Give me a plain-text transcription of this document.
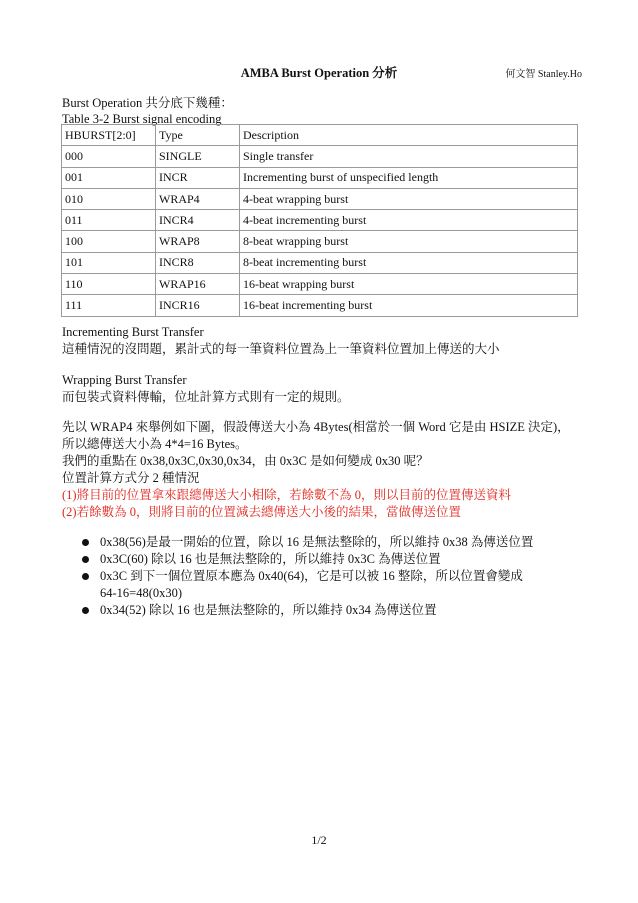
AMBA Burst Operation 分析	何文智 Stanley.Ho
Burst Operation 共分底下幾種：
Table 3-2 Burst signal encoding
HBURST[2:0]	Type	Description
000	SINGLE	Single transfer
001	INCR	Incrementing burst of unspecified length
010	WRAP4	4-beat wrapping burst
011	INCR4	4-beat incrementing burst
100	WRAP8	8-beat wrapping burst
101	INCR8	8-beat incrementing burst
110	WRAP16	16-beat wrapping burst
111	INCR16	16-beat incrementing burst
Incrementing Burst Transfer
這種情況的沒問題，累計式的每一筆資料位置為上一筆資料位置加上傳送的大小
Wrapping Burst Transfer
而包裝式資料傳輸，位址計算方式則有一定的規則。
先以 WRAP4 來舉例如下圖，假設傳送大小為 4Bytes(相當於一個 Word 它是由 HSIZE 決定)，
所以總傳送大小為 4*4=16 Bytes。
我們的重點在 0x38,0x3C,0x30,0x34，由 0x3C 是如何變成 0x30 呢？
位置計算方式分 2 種情況
(1)將目前的位置拿來跟總傳送大小相除，若餘數不為 0，則以目前的位置傳送資料
(2)若餘數為 0，則將目前的位置減去總傳送大小後的結果，當做傳送位置
0x38(56)是最一開始的位置，除以 16 是無法整除的，所以維持 0x38 為傳送位置
0x3C(60) 除以 16 也是無法整除的，所以維持 0x3C 為傳送位置
0x3C 到下一個位置原本應為 0x40(64)，它是可以被 16 整除，所以位置會變成
64-16=48(0x30)
0x34(52) 除以 16 也是無法整除的，所以維持 0x34 為傳送位置
1/2
